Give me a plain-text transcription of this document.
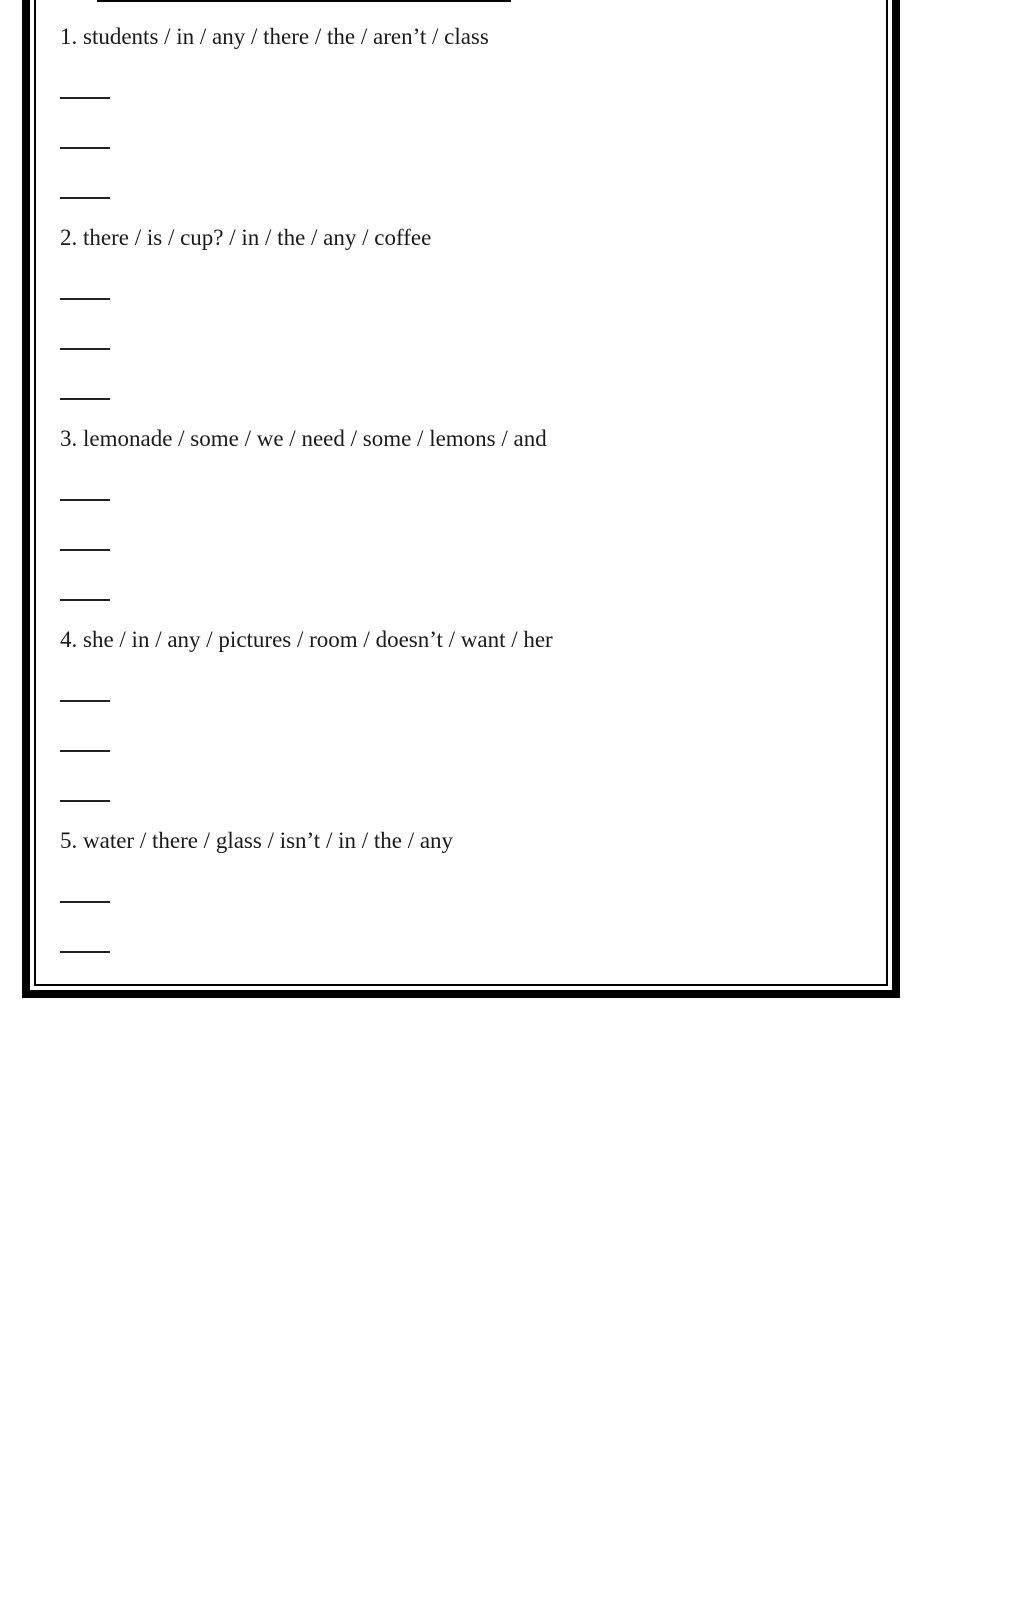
1. students / in / any / there / the / aren’t / class

2. there / is / cup? / in / the / any / coffee

3. lemonade / some / we / need / some / lemons / and

4. she / in / any / pictures / room / doesn’t / want / her

5. water / there / glass / isn’t / in / the / any
